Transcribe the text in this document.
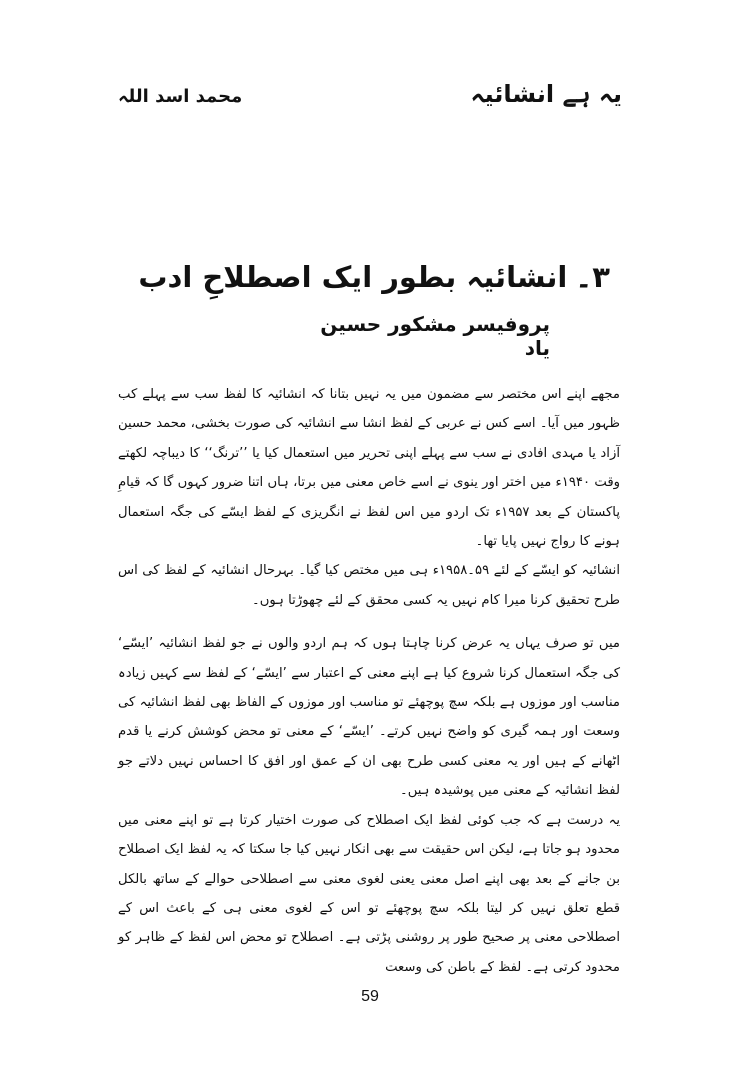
محمد اسد اللہ	یہ ہے انشائیہ
۳۔انشائیہ بطور ایک اصطلاحِ ادب
پروفیسر مشکور حسین یاد

مجھے اپنے اس مختصر سے مضمون میں یہ نہیں بتانا کہ انشائیہ کا لفظ سب سے پہلے کب ظہور میں آیا۔ اسے کس نے عربی کے لفظ انشا سے انشائیہ کی صورت بخشی، محمد حسین آزاد یا مہدی افادی نے سب سے پہلے اپنی تحریر میں استعمال کیا یا ’’ترنگ‘‘ کا دیباچہ لکھتے وقت ۱۹۴۰ء میں اختر اور ینوی نے اسے خاص معنی میں برتا، ہاں اتنا ضرور کہوں گا کہ قیامِ پاکستان کے بعد ۱۹۵۷ء تک اردو میں اس لفظ نے انگریزی کے لفظ ایسّے کی جگہ استعمال ہونے کا رواج نہیں پایا تھا۔

انشائیہ کو ایسّے کے لئے ۵۹۔۱۹۵۸ء ہی میں مختص کیا گیا۔ بہرحال انشائیہ کے لفظ کی اس طرح تحقیق کرنا میرا کام نہیں یہ کسی محقق کے لئے چھوڑتا ہوں۔

میں تو صرف یہاں یہ عرض کرنا چاہتا ہوں کہ ہم اردو والوں نے جو لفظ انشائیہ ’ایسّے‘ کی جگہ استعمال کرنا شروع کیا ہے اپنے معنی کے اعتبار سے ’ایسّے‘ کے لفظ سے کہیں زیادہ مناسب اور موزوں ہے بلکہ سچ پوچھئے تو مناسب اور موزوں کے الفاظ بھی لفظ انشائیہ کی وسعت اور ہمہ گیری کو واضح نہیں کرتے۔ ’ایسّے‘ کے معنی تو محض کوشش کرنے یا قدم اٹھانے کے ہیں اور یہ معنی کسی طرح بھی ان کے عمق اور افق کا احساس نہیں دلاتے جو لفظ انشائیہ کے معنی میں پوشیدہ ہیں۔

یہ درست ہے کہ جب کوئی لفظ ایک اصطلاح کی صورت اختیار کرتا ہے تو اپنے معنی میں محدود ہو جاتا ہے، لیکن اس حقیقت سے بھی انکار نہیں کیا جا سکتا کہ یہ لفظ ایک اصطلاح بن جانے کے بعد بھی اپنے اصل معنی یعنی لغوی معنی سے اصطلاحی حوالے کے ساتھ بالکل قطع تعلق نہیں کر لیتا بلکہ سچ پوچھئے تو اس کے لغوی معنی ہی کے باعث اس کے اصطلاحی معنی پر صحیح طور پر روشنی پڑتی ہے۔ اصطلاح تو محض اس لفظ کے ظاہر کو محدود کرتی ہے۔ لفظ کے باطن کی وسعت

59
